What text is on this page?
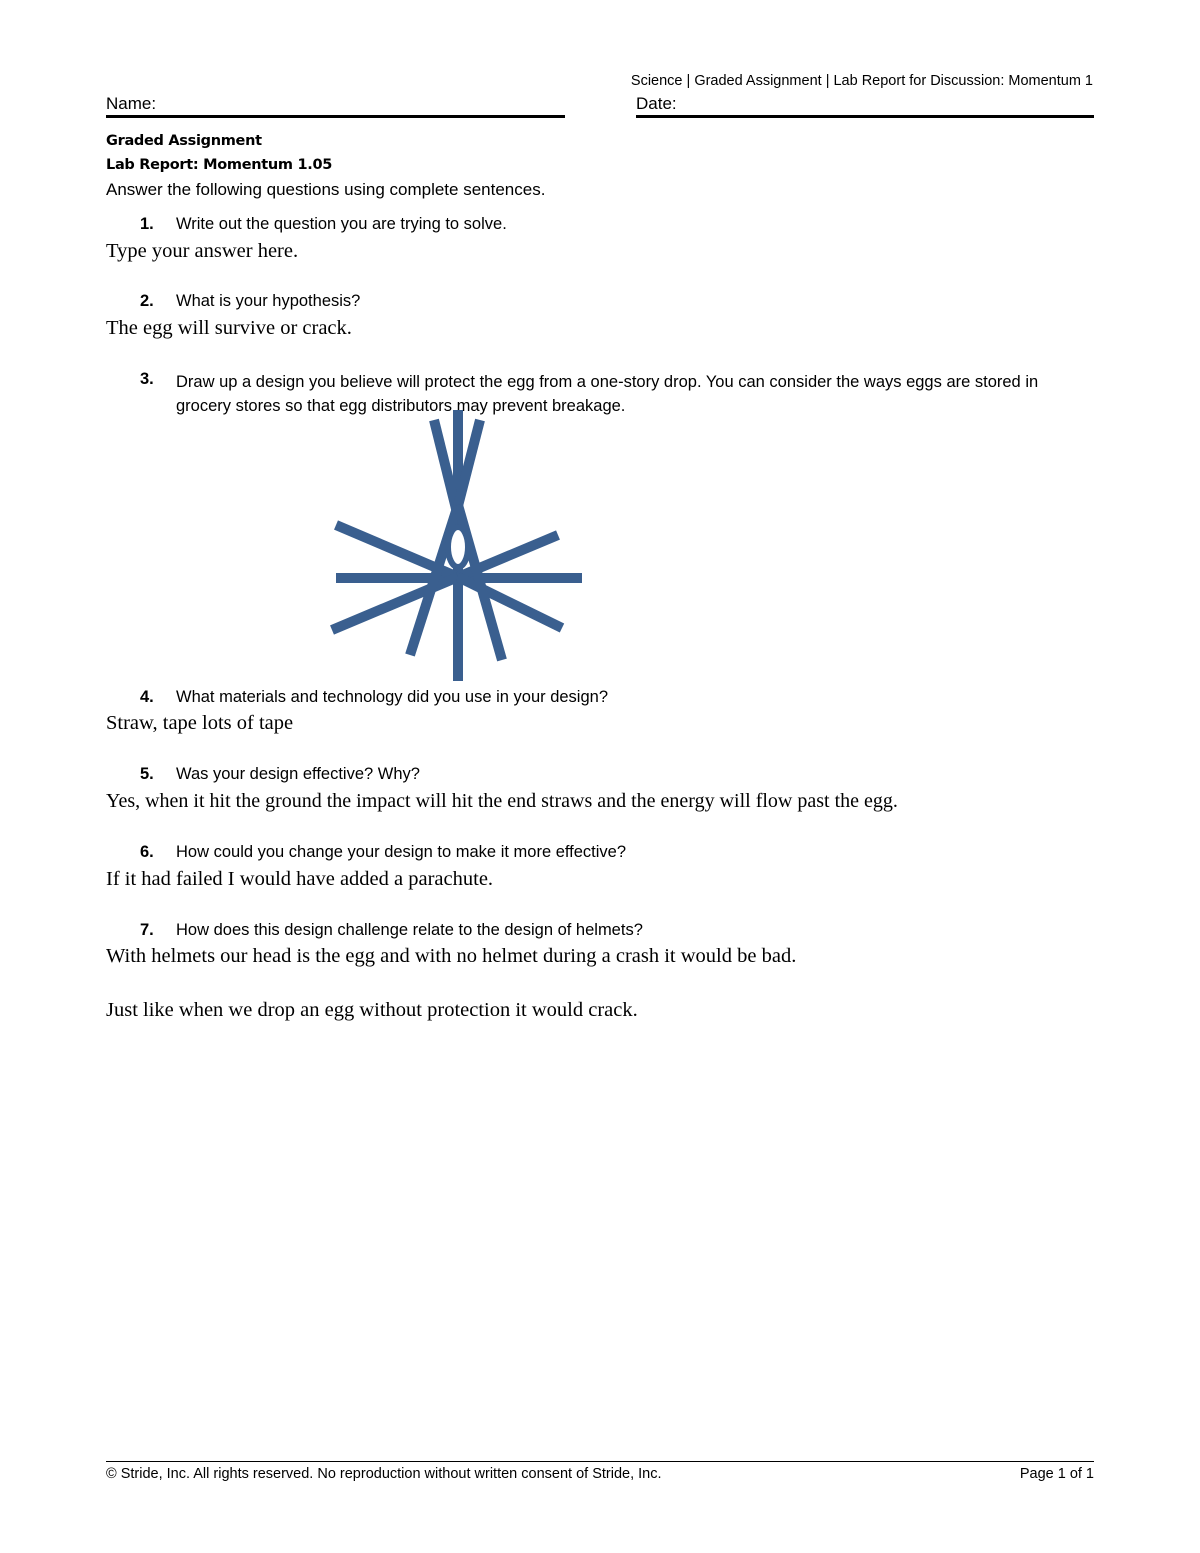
Science | Graded Assignment | Lab Report for Discussion: Momentum 1
Name:	Date:
Graded Assignment
Lab Report: Momentum 1.05
Answer the following questions using complete sentences.
1. Write out the question you are trying to solve.
Type your answer here.
2. What is your hypothesis?
The egg will survive or crack.
3. Draw up a design you believe will protect the egg from a one-story drop. You can consider the ways eggs are stored in grocery stores so that egg distributors may prevent breakage.
4. What materials and technology did you use in your design?
Straw, tape lots of tape
5. Was your design effective? Why?
Yes, when it hit the ground the impact will hit the end straws and the energy will flow past the egg.
6. How could you change your design to make it more effective?
If it had failed I would have added a parachute.
7. How does this design challenge relate to the design of helmets?
With helmets our head is the egg and with no helmet during a crash it would be bad.
Just like when we drop an egg without protection it would crack.
© Stride, Inc. All rights reserved. No reproduction without written consent of Stride, Inc.	Page 1 of 1
